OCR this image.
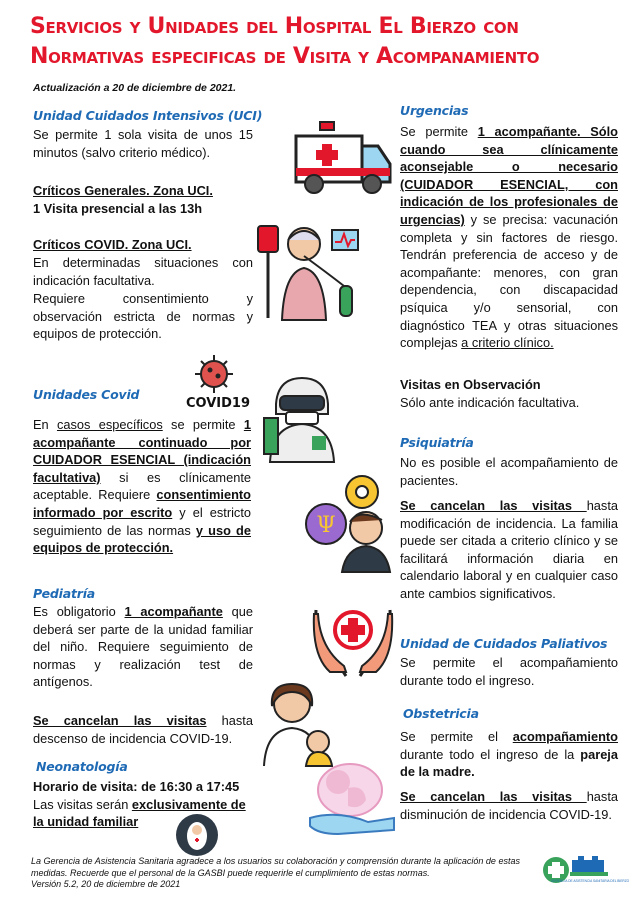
Servicios y Unidades del Hospital El Bierzo con
Normativas especificas de Visita y Acompanamiento
Actualización a 20 de diciembre de 2021.
Unidad Cuidados Intensivos (UCI)
Se permite 1 sola visita de unos 15 minutos (salvo criterio médico).
Críticos Generales. Zona UCI.
1 Visita presencial a las 13h
Críticos COVID. Zona UCI.
En determinadas situaciones con indicación facultativa.
Requiere consentimiento y observación estricta de normas y equipos de protección.
Unidades Covid
En casos específicos se permite 1 acompañante continuado por CUIDADOR ESENCIAL (indicación facultativa) si es clínicamente aceptable. Requiere consentimiento informado por escrito y el estricto seguimiento de las normas y uso de equipos de protección.
Pediatría
Es obligatorio 1 acompañante que deberá ser parte de la unidad familiar del niño. Requiere seguimiento de normas y realización test de antígenos.
Se cancelan las visitas hasta descenso de incidencia COVID-19.
Neonatología
Horario de visita: de 16:30 a 17:45
Las visitas serán exclusivamente de la unidad familiar
Urgencias
Se permite 1 acompañante. Sólo cuando sea clínicamente aconsejable o necesario (CUIDADOR ESENCIAL, con indicación de los profesionales de urgencias) y se precisa: vacunación completa y sin factores de riesgo. Tendrán preferencia de acceso y de acompañante: menores, con gran dependencia, con discapacidad psíquica y/o sensorial, con diagnóstico TEA y otras situaciones complejas a criterio clínico.
Visitas en Observación
Sólo ante indicación facultativa.
Psiquiatría
No es posible el acompañamiento de pacientes.
Se cancelan las visitas hasta modificación de incidencia. La familia puede ser citada a criterio clínico y se facilitará información diaria en calendario laboral y en cualquier caso ante cambios significativos.
Unidad de Cuidados Paliativos
Se permite el acompañamiento durante todo el ingreso.
Obstetricia
Se permite el acompañamiento durante todo el ingreso de la pareja de la madre.
Se cancelan las visitas hasta disminución de incidencia COVID-19.
COVID19
Ψ
La Gerencia de Asistencia Sanitaria agradece a los usuarios su colaboración y comprensión durante la aplicación de estas medidas. Recuerde que el personal de la GASBI puede requerirle el cumplimiento de estas normas.
Versión 5.2, 20 de diciembre de 2021	GERENCIA DE ASISTENCIA SANITARIA DEL BIERZO
